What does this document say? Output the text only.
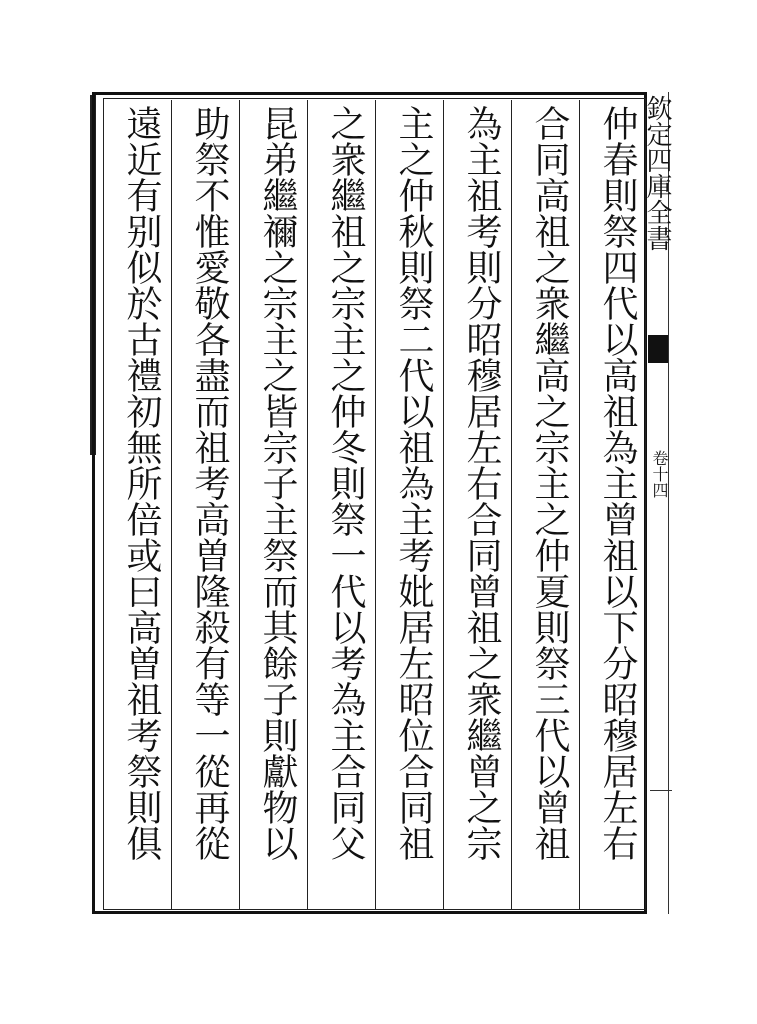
仲春則祭四代以高祖為主曾祖以下分昭穆居左右
合同高祖之衆繼高之宗主之仲夏則祭三代以曾祖
為主祖考則分昭穆居左右合同曾祖之衆繼曾之宗
主之仲秋則祭二代以祖為主考妣居左昭位合同祖
之衆繼祖之宗主之仲冬則祭一代以考為主合同父
昆弟繼禰之宗主之皆宗子主祭而其餘子則獻物以
助祭不惟愛敬各盡而祖考高曽隆殺有等一從再從
遠近有别似於古禮初無所倍或曰高曽祖考祭則俱	欽定四庫全書
卷十四
